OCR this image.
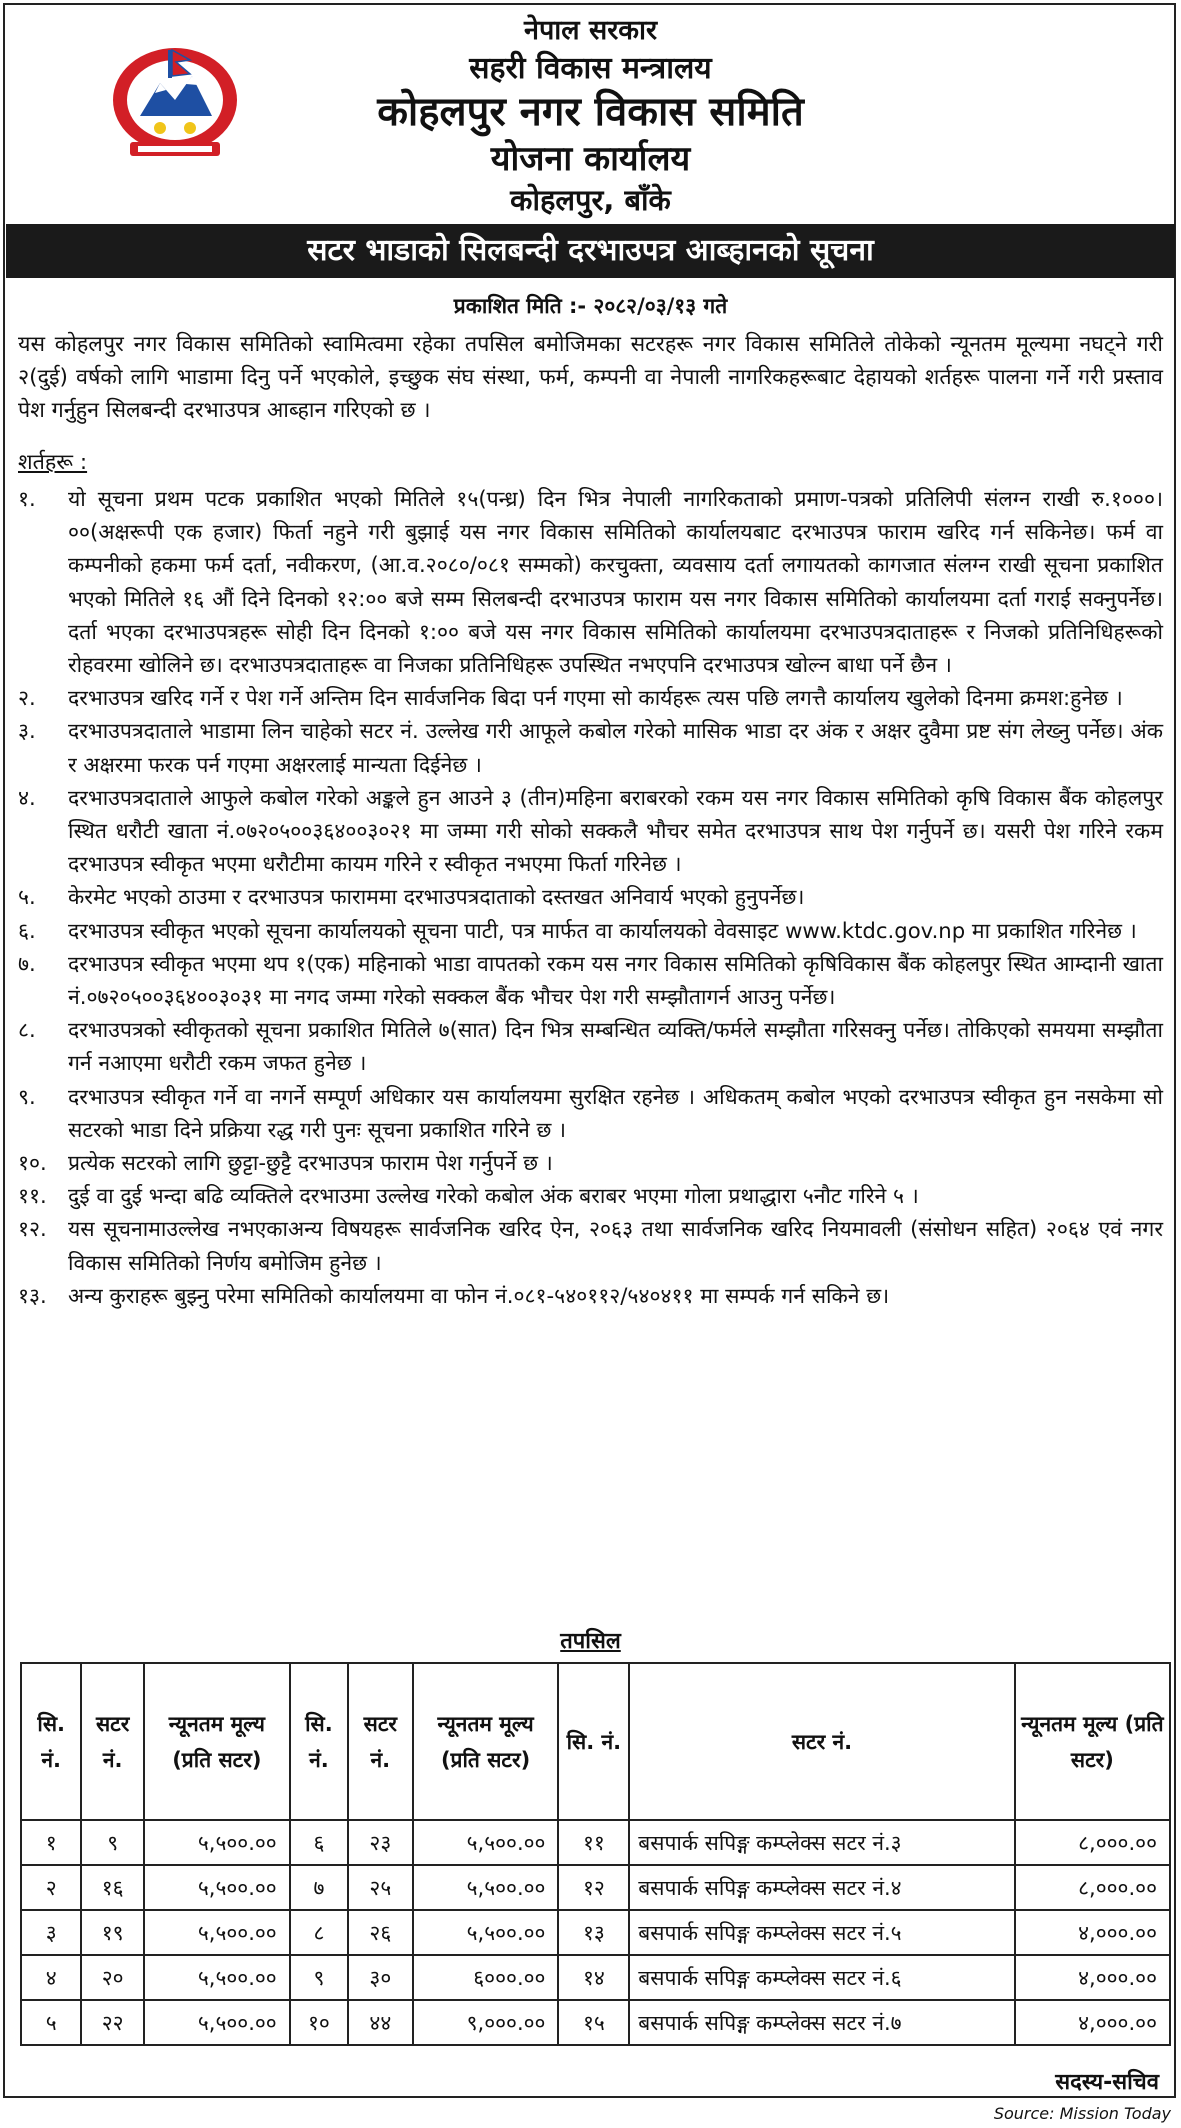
नेपाल सरकार
सहरी विकास मन्त्रालय
कोहलपुर नगर विकास समिति
योजना कार्यालय
कोहलपुर, बाँके
सटर भाडाको सिलबन्दी दरभाउपत्र आब्हानको सूचना
प्रकाशित मिति :- २०८२/०३/१३ गते
यस कोहलपुर नगर विकास समितिको स्वामित्वमा रहेका तपसिल बमोजिमका सटरहरू नगर विकास समितिले तोकेको न्यूनतम मूल्यमा नघट्ने गरी २(दुई) वर्षको लागि भाडामा दिनु पर्ने भएकोले, इच्छुक संघ संस्था, फर्म, कम्पनी वा नेपाली नागरिकहरूबाट देहायको शर्तहरू पालना गर्ने गरी प्रस्ताव पेश गर्नुहुन सिलबन्दी दरभाउपत्र आब्हान गरिएको छ ।
शर्तहरू :
१.	यो सूचना प्रथम पटक प्रकाशित भएको मितिले १५(पन्ध्र) दिन भित्र नेपाली नागरिकताको प्रमाण-पत्रको प्रतिलिपी संलग्न राखी रु.१०००।००(अक्षरूपी एक हजार) फिर्ता नहुने गरी बुझाई यस नगर विकास समितिको कार्यालयबाट दरभाउपत्र फाराम खरिद गर्न सकिनेछ। फर्म वा कम्पनीको हकमा फर्म दर्ता, नवीकरण, (आ.व.२०८०/०८१ सम्मको) करचुक्ता, व्यवसाय दर्ता लगायतको कागजात संलग्न राखी सूचना प्रकाशित भएको मितिले १६ औं दिने दिनको १२:०० बजे सम्म सिलबन्दी दरभाउपत्र फाराम यस नगर विकास समितिको कार्यालयमा दर्ता गराई सक्नुपर्नेछ। दर्ता भएका दरभाउपत्रहरू सोही दिन दिनको १:०० बजे यस नगर विकास समितिको कार्यालयमा दरभाउपत्रदाताहरू र निजको प्रतिनिधिहरूको रोहवरमा खोलिने छ। दरभाउपत्रदाताहरू वा निजका प्रतिनिधिहरू उपस्थित नभएपनि दरभाउपत्र खोल्न बाधा पर्ने छैन ।
२.	दरभाउपत्र खरिद गर्ने र पेश गर्ने अन्तिम दिन सार्वजनिक बिदा पर्न गएमा सो कार्यहरू त्यस पछि लगत्तै कार्यालय खुलेको दिनमा क्रमश:हुनेछ ।
३.	दरभाउपत्रदाताले भाडामा लिन चाहेको सटर नं. उल्लेख गरी आफूले कबोल गरेको मासिक भाडा दर अंक र अक्षर दुवैमा प्रष्ट संग लेख्नु पर्नेछ। अंक र अक्षरमा फरक पर्न गएमा अक्षरलाई मान्यता दिईनेछ ।
४.	दरभाउपत्रदाताले आफुले कबोल गरेको अङ्कले हुन आउने ३ (तीन)महिना बराबरको रकम यस नगर विकास समितिको कृषि विकास बैंक कोहलपुर स्थित धरौटी खाता नं.०७२०५००३६४००३०२१ मा जम्मा गरी सोको सक्कलै भौचर समेत दरभाउपत्र साथ पेश गर्नुपर्ने छ। यसरी पेश गरिने रकम दरभाउपत्र स्वीकृत भएमा धरौटीमा कायम गरिने र स्वीकृत नभएमा फिर्ता गरिनेछ ।
५.	केरमेट भएको ठाउमा र दरभाउपत्र फाराममा दरभाउपत्रदाताको दस्तखत अनिवार्य भएको हुनुपर्नेछ।
६.	दरभाउपत्र स्वीकृत भएको सूचना कार्यालयको सूचना पाटी, पत्र मार्फत वा कार्यालयको वेवसाइट www.ktdc.gov.np मा प्रकाशित गरिनेछ ।
७.	दरभाउपत्र स्वीकृत भएमा थप १(एक) महिनाको भाडा वापतको रकम यस नगर विकास समितिको कृषिविकास बैंक कोहलपुर स्थित आम्दानी खाता नं.०७२०५००३६४००३०३१ मा नगद जम्मा गरेको सक्कल बैंक भौचर पेश गरी सम्झौतागर्न आउनु पर्नेछ।
८.	दरभाउपत्रको स्वीकृतको सूचना प्रकाशित मितिले ७(सात) दिन भित्र सम्बन्धित व्यक्ति/फर्मले सम्झौता गरिसक्नु पर्नेछ। तोकिएको समयमा सम्झौता गर्न नआएमा धरौटी रकम जफत हुनेछ ।
९.	दरभाउपत्र स्वीकृत गर्ने वा नगर्ने सम्पूर्ण अधिकार यस कार्यालयमा सुरक्षित रहनेछ । अधिकतम् कबोल भएको दरभाउपत्र स्वीकृत हुन नसकेमा सो सटरको भाडा दिने प्रक्रिया रद्ध गरी पुनः सूचना प्रकाशित गरिने छ ।
१०.	प्रत्येक सटरको लागि छुट्टा-छुट्टै दरभाउपत्र फाराम पेश गर्नुपर्ने छ ।
११.	दुई वा दुई भन्दा बढि व्यक्तिले दरभाउमा उल्लेख गरेको कबोल अंक बराबर भएमा गोला प्रथाद्धारा ५नौट गरिने ५ ।
१२.	यस सूचनामाउल्लेख नभएकाअन्य विषयहरू सार्वजनिक खरिद ऐन, २०६३ तथा सार्वजनिक खरिद नियमावली (संसोधन सहित) २०६४ एवं नगर विकास समितिको निर्णय बमोजिम हुनेछ ।
१३.	अन्य कुराहरू बुझ्नु परेमा समितिको कार्यालयमा वा फोन नं.०८१-५४०११२/५४०४११ मा सम्पर्क गर्न सकिने छ।
तपसिल
सि. नं.	सटर नं.	न्यूनतम मूल्य (प्रति सटर)	सि. नं.	सटर नं.	न्यूनतम मूल्य (प्रति सटर)	सि. नं.	सटर नं.	न्यूनतम मूल्य (प्रति सटर)
१	९	५,५००.००	६	२३	५,५००.००	११	बसपार्क सपिङ्ग कम्प्लेक्स सटर नं.३	८,०००.००
२	१६	५,५००.००	७	२५	५,५००.००	१२	बसपार्क सपिङ्ग कम्प्लेक्स सटर नं.४	८,०००.००
३	१९	५,५००.००	८	२६	५,५००.००	१३	बसपार्क सपिङ्ग कम्प्लेक्स सटर नं.५	४,०००.००
४	२०	५,५००.००	९	३०	६०००.००	१४	बसपार्क सपिङ्ग कम्प्लेक्स सटर नं.६	४,०००.००
५	२२	५,५००.००	१०	४४	९,०००.००	१५	बसपार्क सपिङ्ग कम्प्लेक्स सटर नं.७	४,०००.००
सदस्य-सचिव
Source: Mission Today
